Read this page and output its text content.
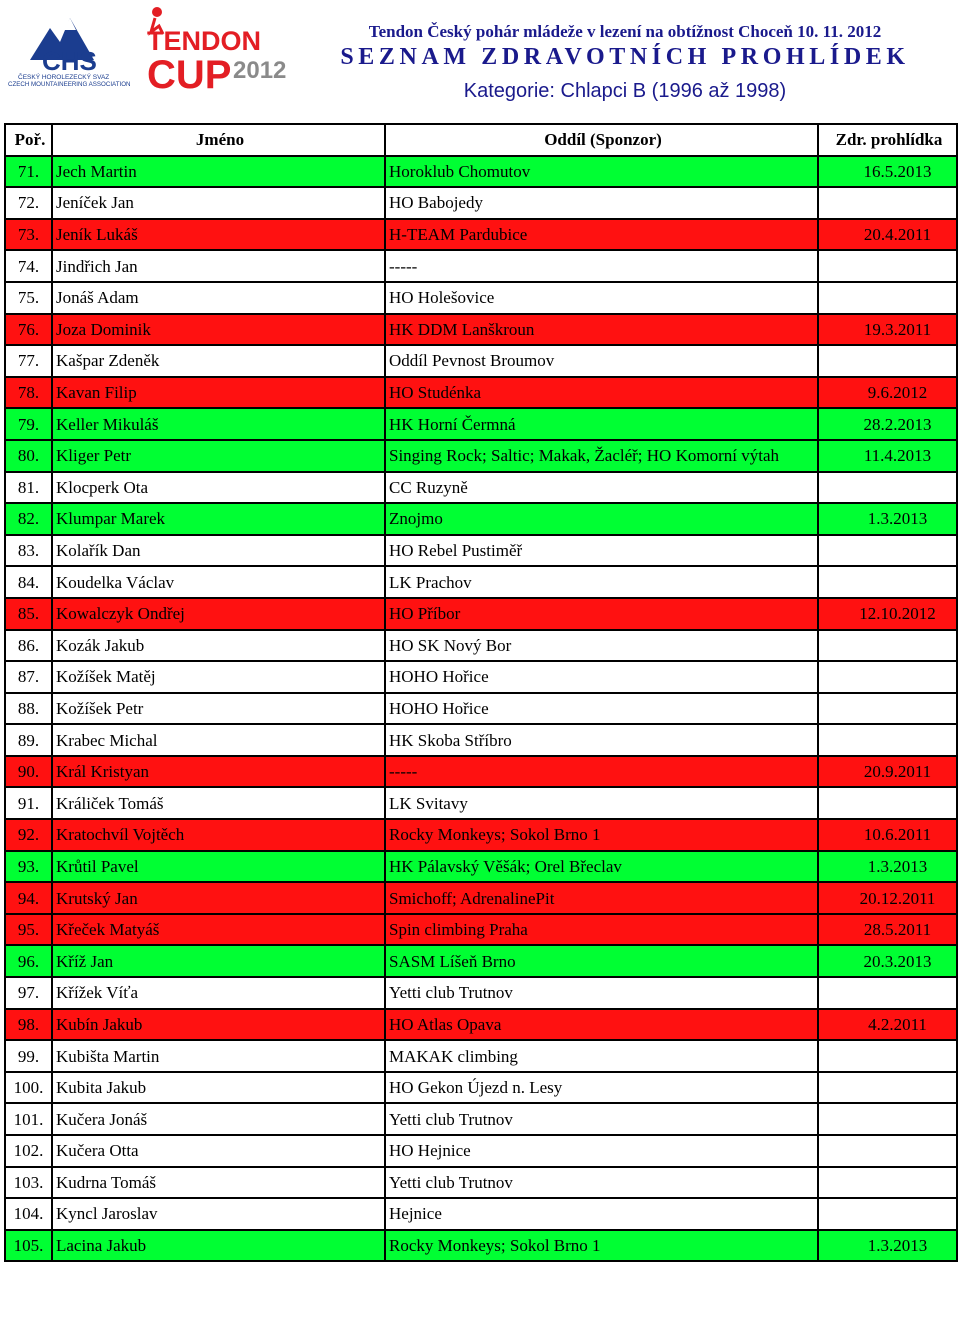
CHS
ČESKÝ HOROLEZECKÝ SVAZ
CZECH MOUNTAINEERING ASSOCIATION
TENDON
CUP 2012
Tendon Český pohár mládeže v lezení na obtížnost Choceň 10. 11. 2012
SEZNAM ZDRAVOTNÍCH PROHLÍDEK
Kategorie: Chlapci B (1996 až 1998)
Poř.	Jméno	Oddíl (Sponzor)	Zdr. prohlídka
71.	Jech Martin	Horoklub Chomutov	16.5.2013
72.	Jeníček Jan	HO Babojedy	
73.	Jeník Lukáš	H-TEAM Pardubice	20.4.2011
74.	Jindřich Jan	-----	
75.	Jonáš Adam	HO Holešovice	
76.	Joza Dominik	HK DDM Lanškroun	19.3.2011
77.	Kašpar Zdeněk	Oddíl Pevnost Broumov	
78.	Kavan Filip	HO Studénka	9.6.2012
79.	Keller Mikuláš	HK Horní Čermná	28.2.2013
80.	Kliger Petr	Singing Rock; Saltic; Makak, Žacléř; HO Komorní výtah	11.4.2013
81.	Klocperk Ota	CC Ruzyně	
82.	Klumpar Marek	Znojmo	1.3.2013
83.	Kolařík Dan	HO Rebel Pustiměř	
84.	Koudelka Václav	LK Prachov	
85.	Kowalczyk Ondřej	HO Příbor	12.10.2012
86.	Kozák Jakub	HO SK Nový Bor	
87.	Kožíšek Matěj	HOHO Hořice	
88.	Kožíšek Petr	HOHO Hořice	
89.	Krabec Michal	HK Skoba Stříbro	
90.	Král Kristyan	-----	20.9.2011
91.	Králiček Tomáš	LK Svitavy	
92.	Kratochvíl Vojtěch	Rocky Monkeys; Sokol Brno 1	10.6.2011
93.	Krůtil Pavel	HK Pálavský Věšák; Orel Břeclav	1.3.2013
94.	Krutský Jan	Smichoff; AdrenalinePit	20.12.2011
95.	Křeček Matyáš	Spin climbing Praha	28.5.2011
96.	Kříž Jan	SASM Líšeň Brno	20.3.2013
97.	Křížek Víťa	Yetti club Trutnov	
98.	Kubín Jakub	HO Atlas Opava	4.2.2011
99.	Kubišta Martin	MAKAK climbing	
100.	Kubita Jakub	HO Gekon Újezd n. Lesy	
101.	Kučera Jonáš	Yetti club Trutnov	
102.	Kučera Otta	HO Hejnice	
103.	Kudrna Tomáš	Yetti club Trutnov	
104.	Kyncl Jaroslav	Hejnice	
105.	Lacina Jakub	Rocky Monkeys; Sokol Brno 1	1.3.2013
